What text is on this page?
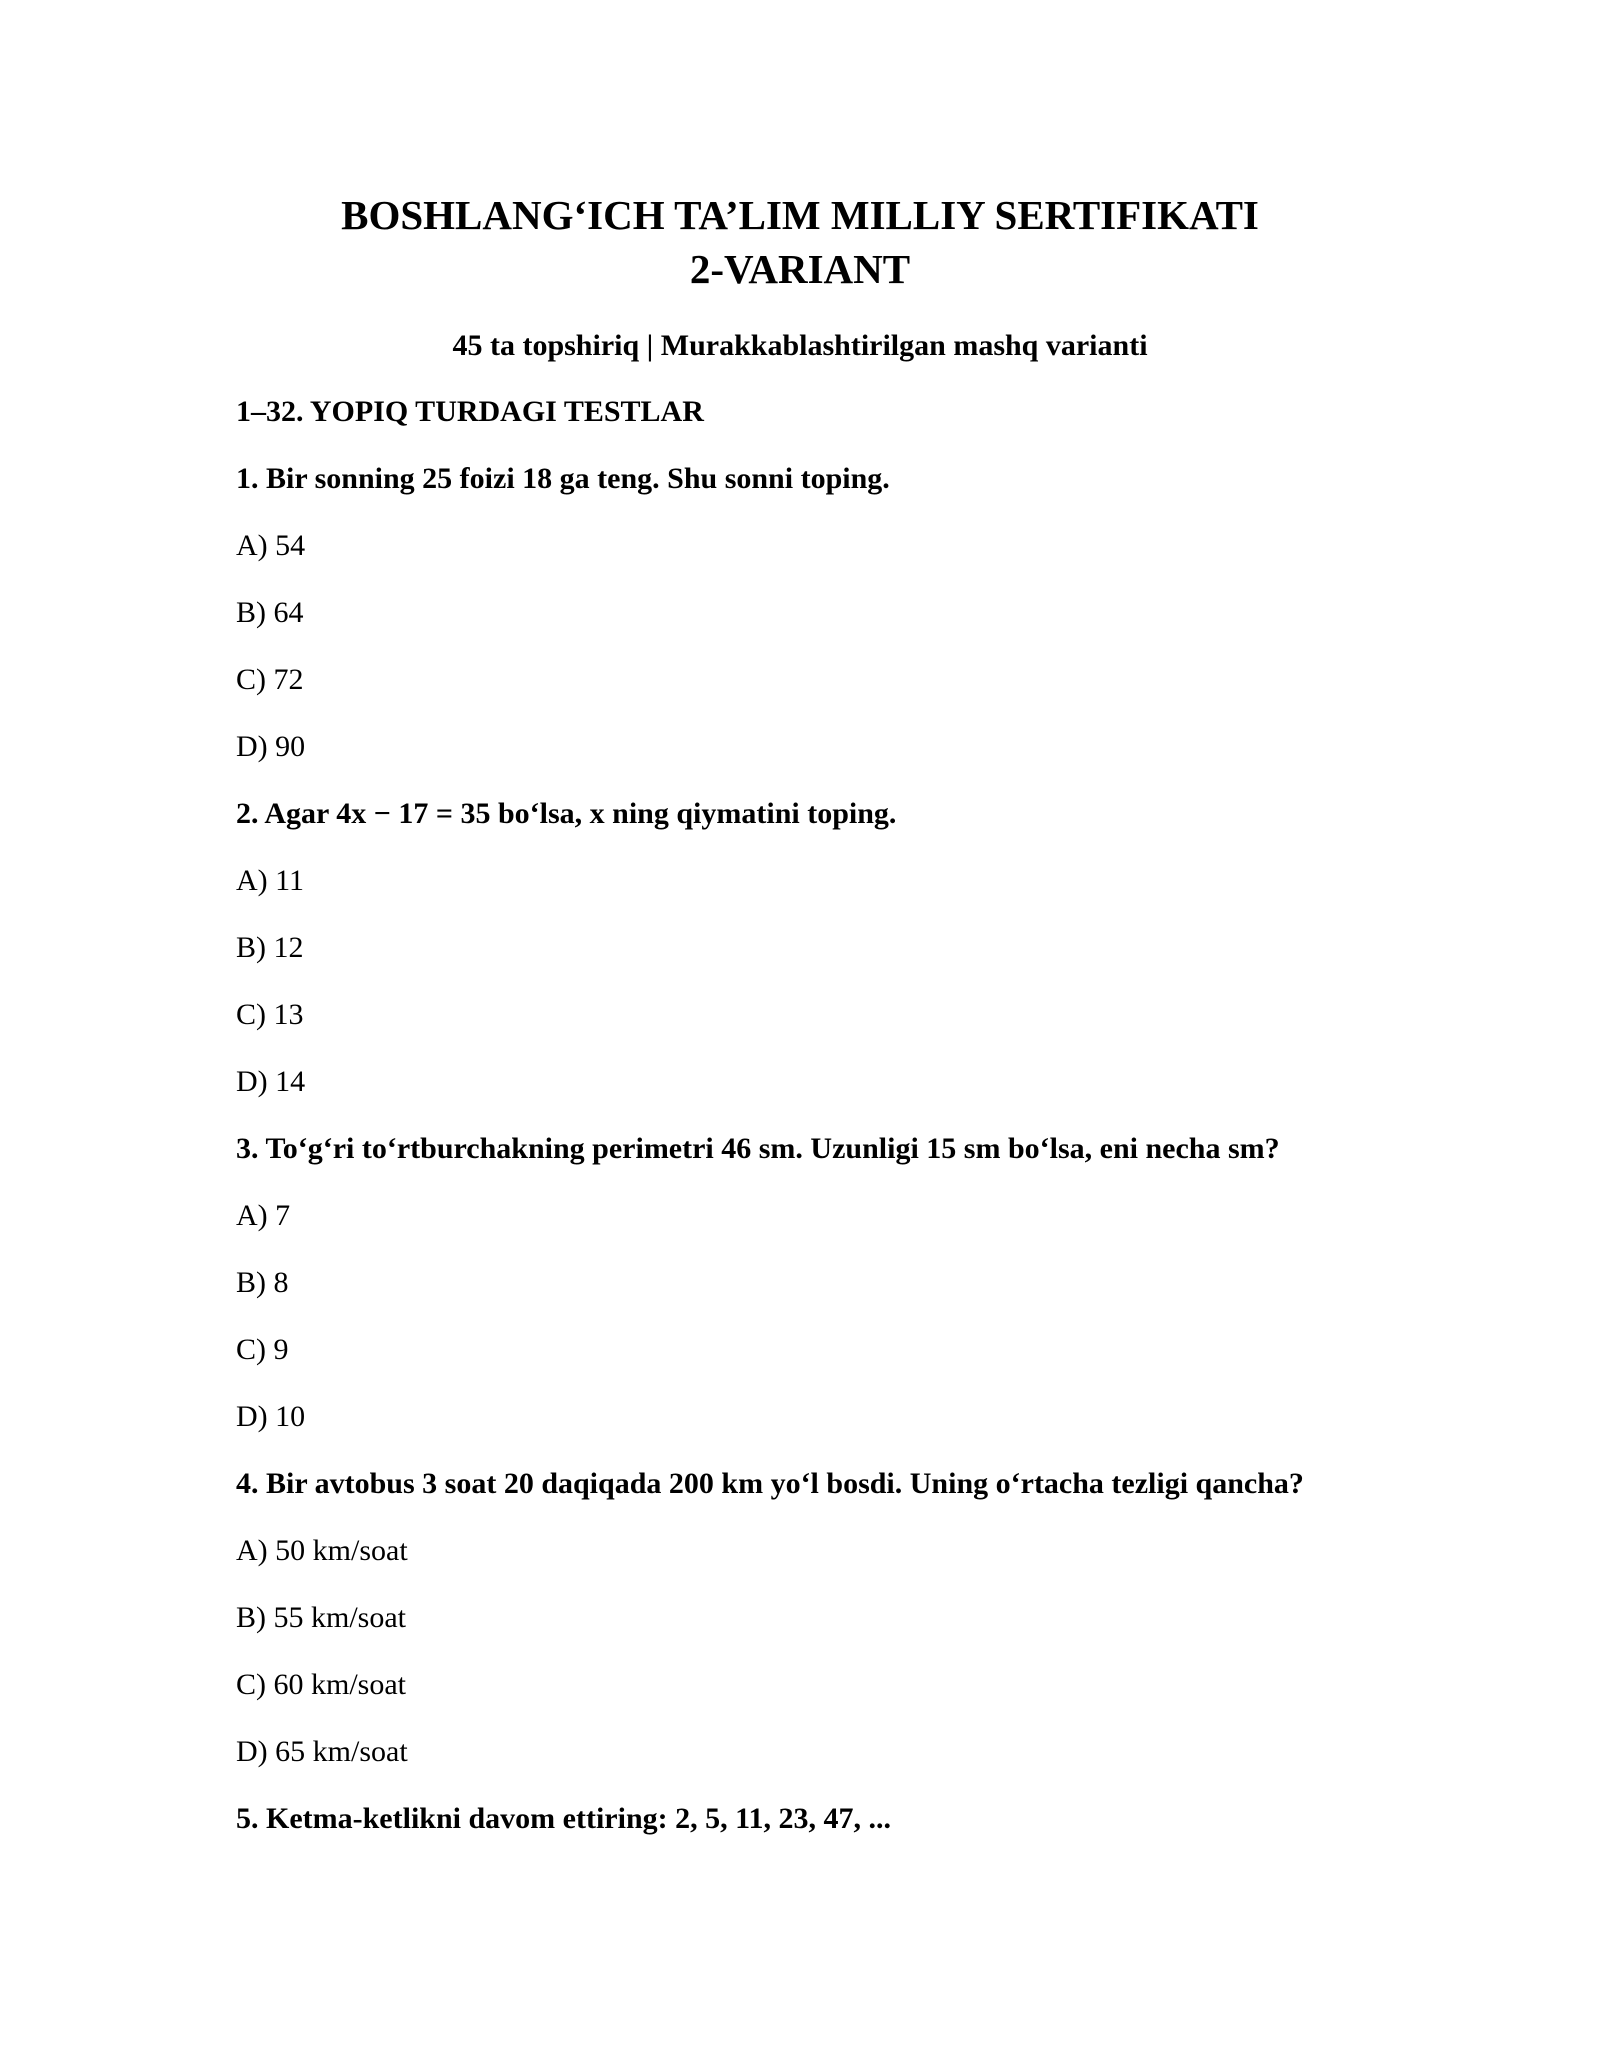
BOSHLANG‘ICH TA’LIM MILLIY SERTIFIKATI
2-VARIANT
45 ta topshiriq | Murakkablashtirilgan mashq varianti
1–32. YOPIQ TURDAGI TESTLAR
1. Bir sonning 25 foizi 18 ga teng. Shu sonni toping.
A) 54
B) 64
C) 72
D) 90
2. Agar 4x − 17 = 35 bo‘lsa, x ning qiymatini toping.
A) 11
B) 12
C) 13
D) 14
3. To‘g‘ri to‘rtburchakning perimetri 46 sm. Uzunligi 15 sm bo‘lsa, eni necha sm?
A) 7
B) 8
C) 9
D) 10
4. Bir avtobus 3 soat 20 daqiqada 200 km yo‘l bosdi. Uning o‘rtacha tezligi qancha?
A) 50 km/soat
B) 55 km/soat
C) 60 km/soat
D) 65 km/soat
5. Ketma-ketlikni davom ettiring: 2, 5, 11, 23, 47, ...
